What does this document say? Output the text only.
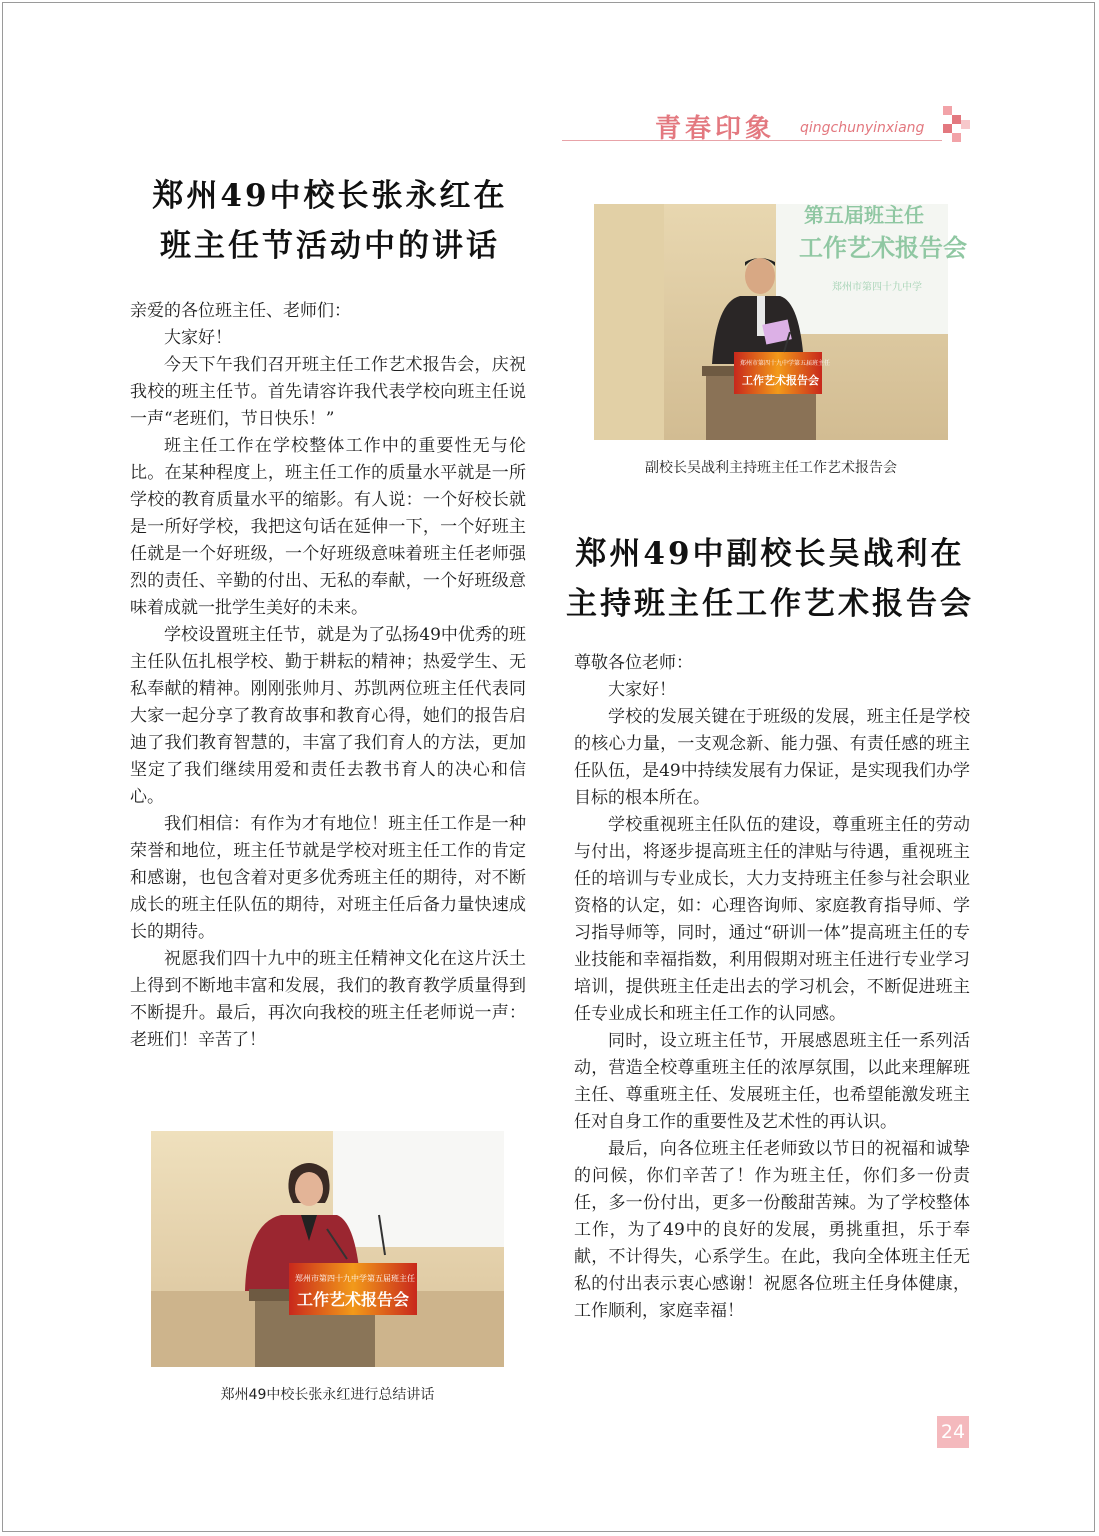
青春印象 qingchunyinxiang
郑州49中校长张永红在
班主任节活动中的讲话

亲爱的各位班主任、老师们：

大家好！

今天下午我们召开班主任工作艺术报告会，庆祝我校的班主任节。首先请容许我代表学校向班主任说一声“老班们，节日快乐！”

班主任工作在学校整体工作中的重要性无与伦比。在某种程度上，班主任工作的质量水平就是一所学校的教育质量水平的缩影。有人说：一个好校长就是一所好学校，我把这句话在延伸一下，一个好班主任就是一个好班级，一个好班级意味着班主任老师强烈的责任、辛勤的付出、无私的奉献，一个好班级意味着成就一批学生美好的未来。

学校设置班主任节，就是为了弘扬49中优秀的班主任队伍扎根学校、勤于耕耘的精神；热爱学生、无私奉献的精神。刚刚张帅月、苏凯两位班主任代表同大家一起分享了教育故事和教育心得，她们的报告启迪了我们教育智慧的，丰富了我们育人的方法，更加坚定了我们继续用爱和责任去教书育人的决心和信心。

我们相信：有作为才有地位！班主任工作是一种荣誉和地位，班主任节就是学校对班主任工作的肯定和感谢，也包含着对更多优秀班主任的期待，对不断成长的班主任队伍的期待，对班主任后备力量快速成长的期待。

祝愿我们四十九中的班主任精神文化在这片沃土上得到不断地丰富和发展，我们的教育教学质量得到不断提升。最后，再次向我校的班主任老师说一声：老班们！辛苦了！

第五届班主任
工作艺术报告会
郑州市第四十九中学
郑州市第四十九中学第五届班主任
工作艺术报告会
副校长吴战利主持班主任工作艺术报告会
郑州49中副校长吴战利在
主持班主任工作艺术报告会

尊敬各位老师：

大家好！

学校的发展关键在于班级的发展，班主任是学校的核心力量，一支观念新、能力强、有责任感的班主任队伍，是49中持续发展有力保证，是实现我们办学目标的根本所在。

学校重视班主任队伍的建设，尊重班主任的劳动与付出，将逐步提高班主任的津贴与待遇，重视班主任的培训与专业成长，大力支持班主任参与社会职业资格的认定，如：心理咨询师、家庭教育指导师、学习指导师等，同时，通过“研训一体”提高班主任的专业技能和幸福指数，利用假期对班主任进行专业学习培训，提供班主任走出去的学习机会，不断促进班主任专业成长和班主任工作的认同感。

同时，设立班主任节，开展感恩班主任一系列活动，营造全校尊重班主任的浓厚氛围，以此来理解班主任、尊重班主任、发展班主任，也希望能激发班主任对自身工作的重要性及艺术性的再认识。

最后，向各位班主任老师致以节日的祝福和诚挚的问候，你们辛苦了！作为班主任，你们多一份责任，多一份付出，更多一份酸甜苦辣。为了学校整体工作，为了49中的良好的发展，勇挑重担，乐于奉献，不计得失，心系学生。在此，我向全体班主任无私的付出表示衷心感谢！祝愿各位班主任身体健康，工作顺利，家庭幸福！

郑州市第四十九中学第五届班主任
工作艺术报告会
郑州49中校长张永红进行总结讲话
24
